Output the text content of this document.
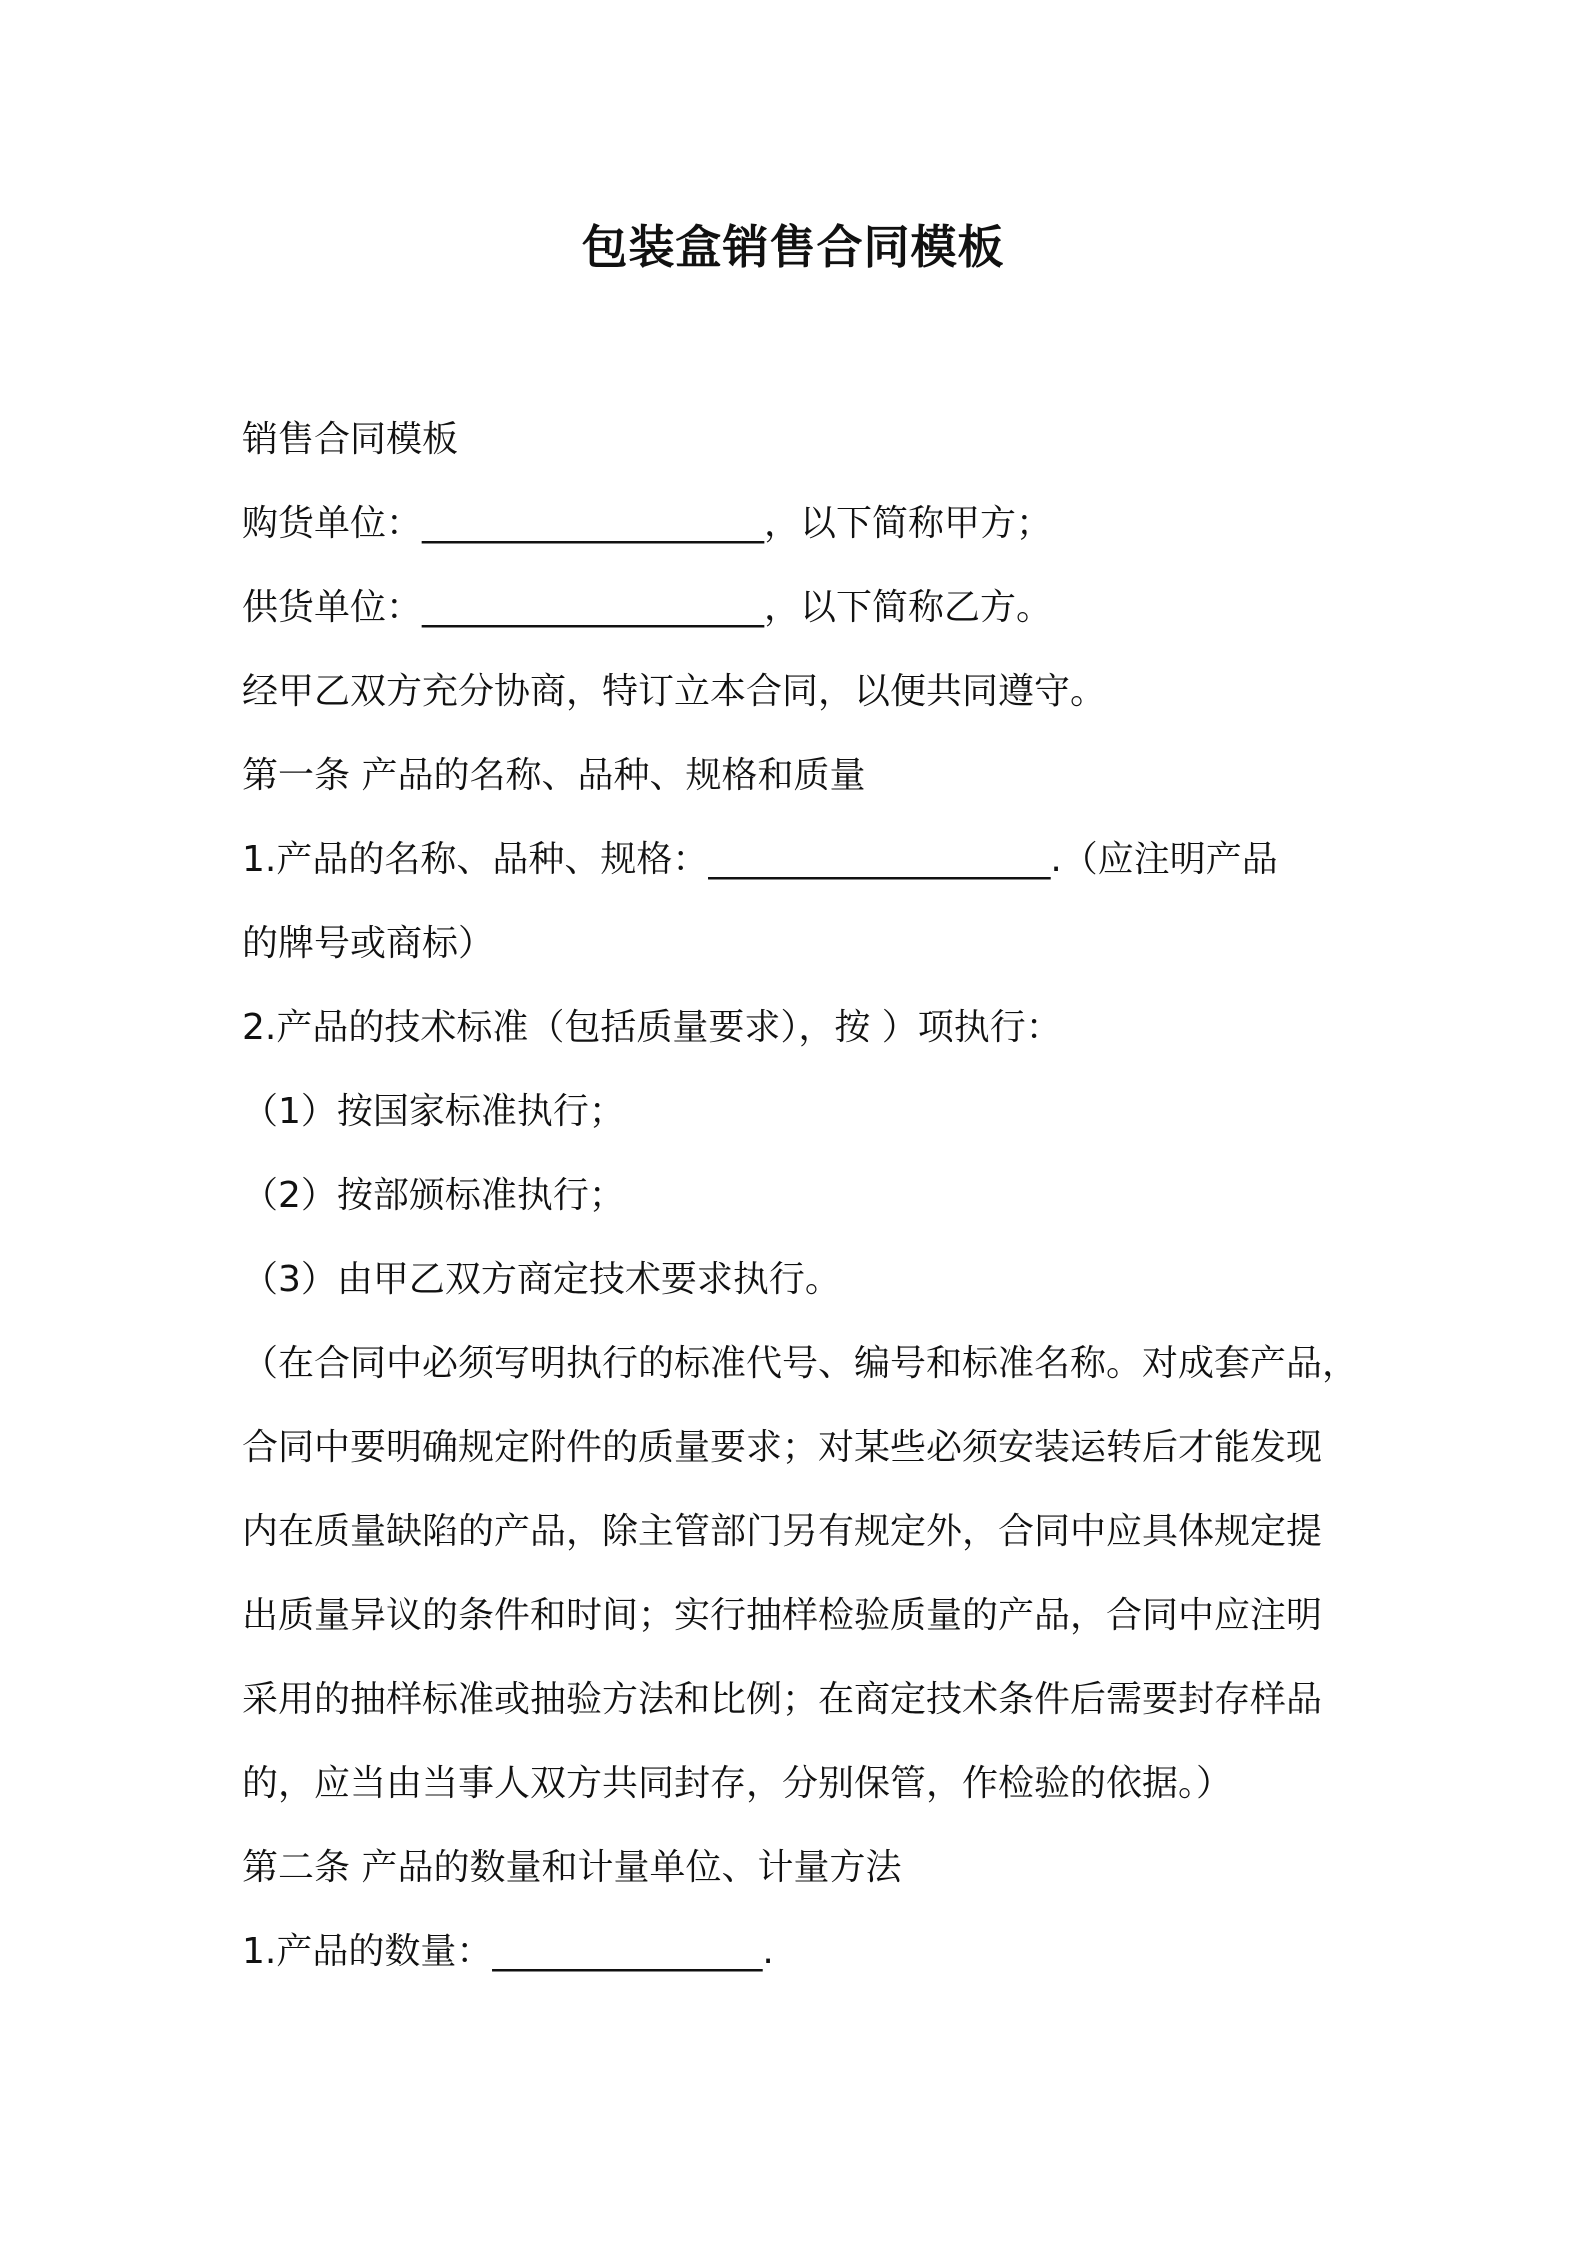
包装盒销售合同模板
销售合同模板
购货单位：___________________，以下简称甲方；
供货单位：___________________，以下简称乙方。
经甲乙双方充分协商，特订立本合同，以便共同遵守。
第一条 产品的名称、品种、规格和质量
1.产品的名称、品种、规格：___________________.（应注明产品
的牌号或商标）
2.产品的技术标准（包括质量要求），按 ）项执行：
（1）按国家标准执行；
（2）按部颁标准执行；
（3）由甲乙双方商定技术要求执行。
（在合同中必须写明执行的标准代号、编号和标准名称。对成套产品，
合同中要明确规定附件的质量要求；对某些必须安装运转后才能发现
内在质量缺陷的产品，除主管部门另有规定外，合同中应具体规定提
出质量异议的条件和时间；实行抽样检验质量的产品，合同中应注明
采用的抽样标准或抽验方法和比例；在商定技术条件后需要封存样品
的，应当由当事人双方共同封存，分别保管，作检验的依据。）
第二条 产品的数量和计量单位、计量方法
1.产品的数量：_______________.
